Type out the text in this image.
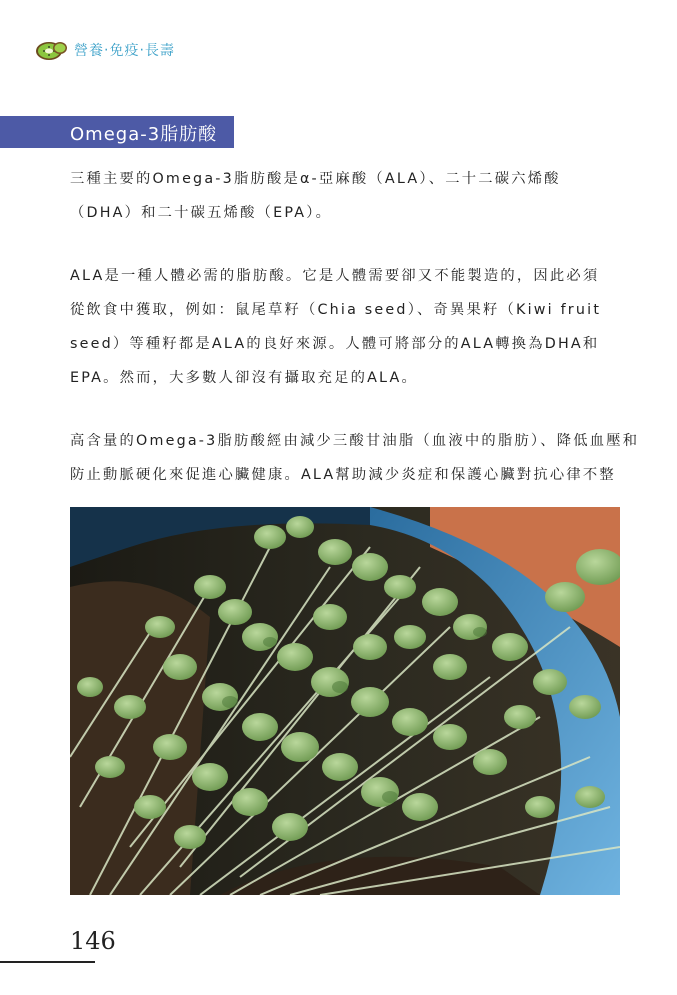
營養‧免疫‧長壽
Omega-3脂肪酸
三種主要的Omega-3脂肪酸是α-亞麻酸（ALA）、二十二碳六烯酸
（DHA）和二十碳五烯酸（EPA）。
ALA是一種人體必需的脂肪酸。它是人體需要卻又不能製造的，因此必須
從飲食中獲取，例如：鼠尾草籽（Chia seed）、奇異果籽（Kiwi fruit
seed）等種籽都是ALA的良好來源。人體可將部分的ALA轉換為DHA和
EPA。然而，大多數人卻沒有攝取充足的ALA。
高含量的Omega-3脂肪酸經由減少三酸甘油脂（血液中的脂肪）、降低血壓和
防止動脈硬化來促進心臟健康。ALA幫助減少炎症和保護心臟對抗心律不整
146
